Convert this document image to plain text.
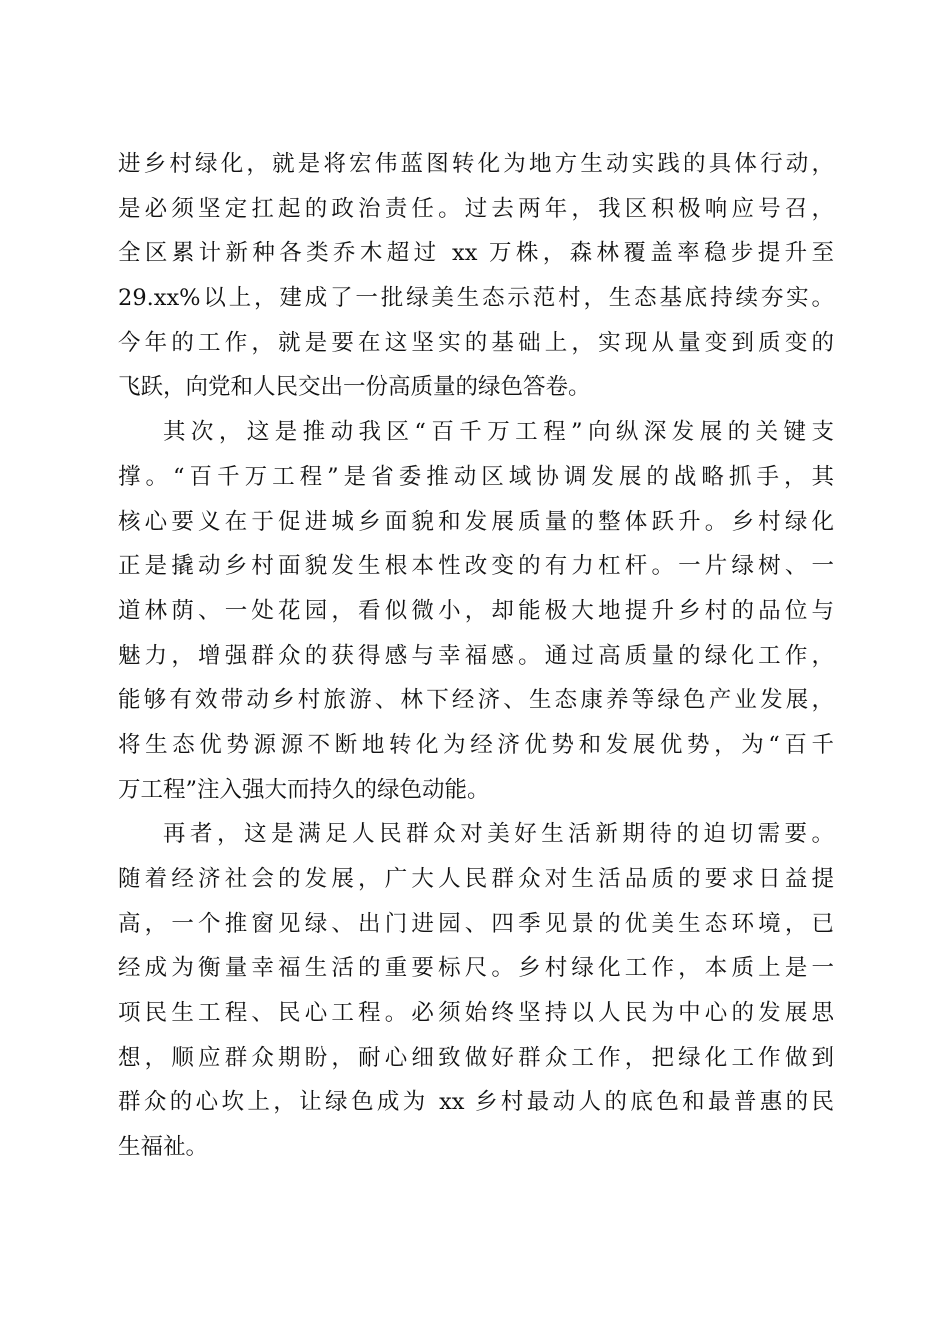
进乡村绿化，就是将宏伟蓝图转化为地方生动实践的具体行动，
是必须坚定扛起的政治责任。过去两年，我区积极响应号召，
全区累计新种各类乔木超过 xx 万株，森林覆盖率稳步提升至
29.xx%以上，建成了一批绿美生态示范村，生态基底持续夯实。
今年的工作，就是要在这坚实的基础上，实现从量变到质变的
飞跃，向党和人民交出一份高质量的绿色答卷。
其次，这是推动我区“百千万工程”向纵深发展的关键支
撑。“百千万工程”是省委推动区域协调发展的战略抓手，其
核心要义在于促进城乡面貌和发展质量的整体跃升。乡村绿化
正是撬动乡村面貌发生根本性改变的有力杠杆。一片绿树、一
道林荫、一处花园，看似微小，却能极大地提升乡村的品位与
魅力，增强群众的获得感与幸福感。通过高质量的绿化工作，
能够有效带动乡村旅游、林下经济、生态康养等绿色产业发展，
将生态优势源源不断地转化为经济优势和发展优势，为“百千
万工程”注入强大而持久的绿色动能。
再者，这是满足人民群众对美好生活新期待的迫切需要。
随着经济社会的发展，广大人民群众对生活品质的要求日益提
高，一个推窗见绿、出门进园、四季见景的优美生态环境，已
经成为衡量幸福生活的重要标尺。乡村绿化工作，本质上是一
项民生工程、民心工程。必须始终坚持以人民为中心的发展思
想，顺应群众期盼，耐心细致做好群众工作，把绿化工作做到
群众的心坎上，让绿色成为 xx 乡村最动人的底色和最普惠的民
生福祉。
